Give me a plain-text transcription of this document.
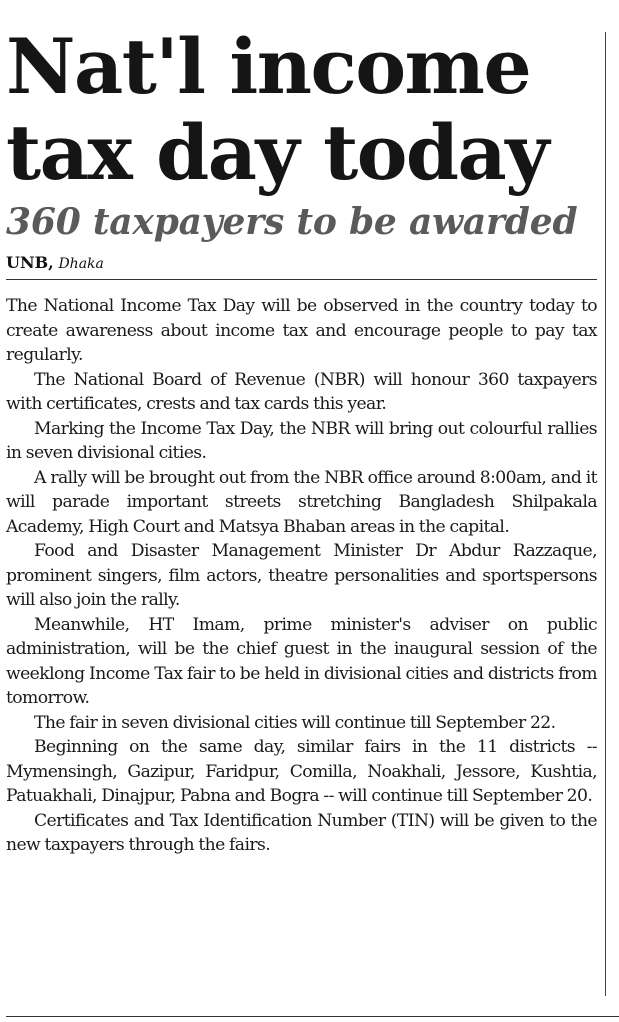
Nat'l income tax day today
360 taxpayers to be awarded
UNB, Dhaka

The National Income Tax Day will be observed in the country today to create awareness about income tax and encourage people to pay tax regularly.

The National Board of Revenue (NBR) will honour 360 taxpayers with certificates, crests and tax cards this year.

Marking the Income Tax Day, the NBR will bring out colourful rallies in seven divisional cities.

A rally will be brought out from the NBR office around 8:00am, and it will parade important streets stretching Bangladesh Shilpakala Academy, High Court and Matsya Bhaban areas in the capital.

Food and Disaster Management Minister Dr Abdur Razzaque, prominent singers, film actors, theatre personalities and sportspersons will also join the rally.

Meanwhile, HT Imam, prime minister's adviser on public administration, will be the chief guest in the inaugural session of the weeklong Income Tax fair to be held in divisional cities and districts from tomorrow.

The fair in seven divisional cities will continue till September 22.

Beginning on the same day, similar fairs in the 11 districts -- Mymensingh, Gazipur, Faridpur, Comilla, Noakhali, Jessore, Kushtia, Patuakhali, Dinajpur, Pabna and Bogra -- will continue till September 20.

Certificates and Tax Identification Number (TIN) will be given to the new taxpayers through the fairs.
